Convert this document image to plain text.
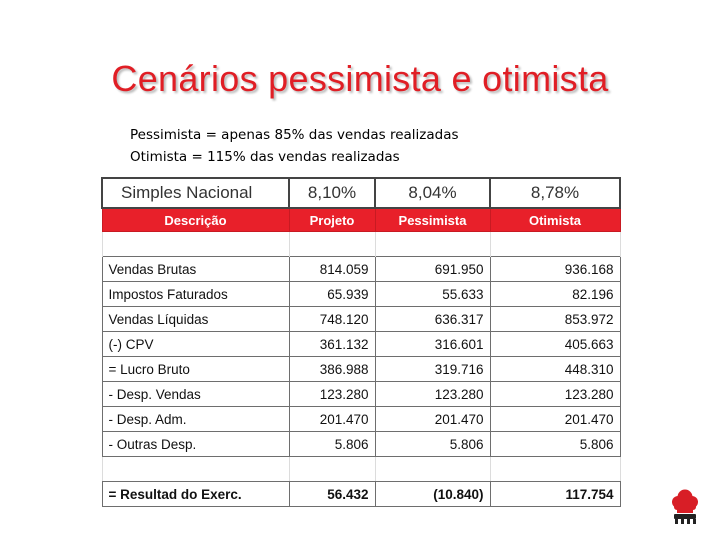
Cenários pessimista e otimista
Pessimista = apenas 85% das vendas realizadas
Otimista = 115% das vendas realizadas
Simples Nacional	8,10%	8,04%	8,78%
Descrição	Projeto	Pessimista	Otimista

Vendas Brutas	814.059	691.950	936.168
Impostos Faturados	65.939	55.633	82.196
Vendas Líquidas	748.120	636.317	853.972
(-) CPV	361.132	316.601	405.663
= Lucro Bruto	386.988	319.716	448.310
- Desp. Vendas	123.280	123.280	123.280
- Desp. Adm.	201.470	201.470	201.470
- Outras Desp.	5.806	5.806	5.806

= Resultad do Exerc.	56.432	(10.840)	117.754
